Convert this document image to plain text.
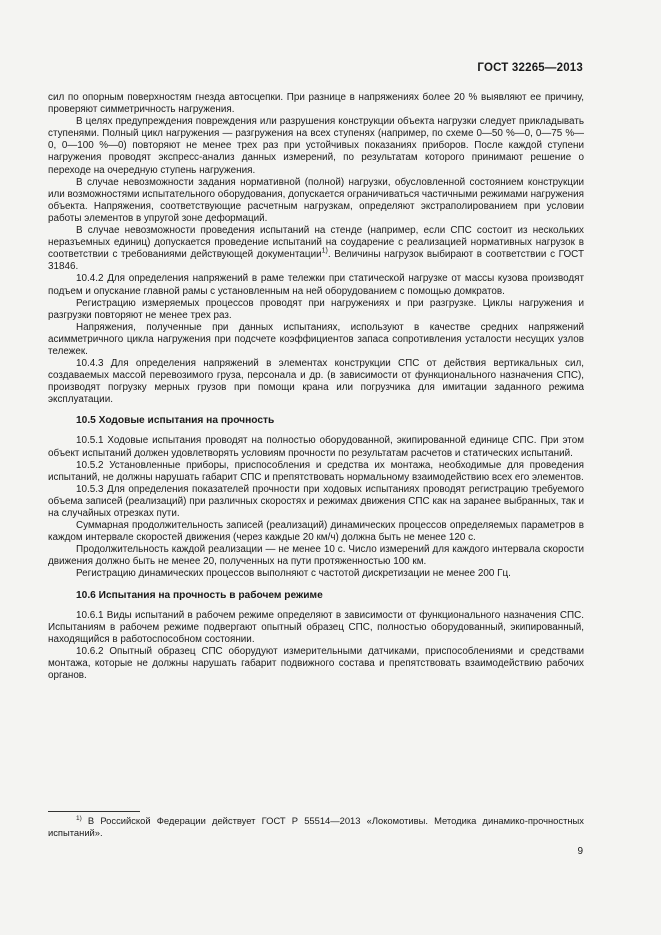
ГОСТ 32265—2013

сил по опорным поверхностям гнезда автосцепки. При разнице в напряжениях более 20 % выявляют ее причину, проверяют симметричность нагружения.

В целях предупреждения повреждения или разрушения конструкции объекта нагрузки следует прикладывать ступенями. Полный цикл нагружения — разгружения на всех ступенях (например, по схеме 0—50 %—0, 0—75 %—0, 0—100 %—0) повторяют не менее трех раз при устойчивых показаниях приборов. После каждой ступени нагружения проводят экспресс-анализ данных измерений, по результатам которого принимают решение о переходе на очередную ступень нагружения.

В случае невозможности задания нормативной (полной) нагрузки, обусловленной состоянием конструкции или возможностями испытательного оборудования, допускается ограничиваться частичными режимами нагружения объекта. Напряжения, соответствующие расчетным нагрузкам, определяют экстраполированием при условии работы элементов в упругой зоне деформаций.

В случае невозможности проведения испытаний на стенде (например, если СПС состоит из нескольких неразъемных единиц) допускается проведение испытаний на соударение с реализацией нормативных нагрузок в соответствии с требованиями действующей документации$^{1)}$. Величины нагрузок выбирают в соответствии с ГОСТ 31846.

10.4.2 Для определения напряжений в раме тележки при статической нагрузке от массы кузова производят подъем и опускание главной рамы с установленным на ней оборудованием с помощью домкратов.

Регистрацию измеряемых процессов проводят при нагружениях и при разгрузке. Циклы нагружения и разгрузки повторяют не менее трех раз.

Напряжения, полученные при данных испытаниях, используют в качестве средних напряжений асимметричного цикла нагружения при подсчете коэффициентов запаса сопротивления усталости несущих узлов тележек.

10.4.3 Для определения напряжений в элементах конструкции СПС от действия вертикальных сил, создаваемых массой перевозимого груза, персонала и др. (в зависимости от функционального назначения СПС), производят погрузку мерных грузов при помощи крана или погрузчика для имитации заданного режима эксплуатации.

10.5 Ходовые испытания на прочность

10.5.1 Ходовые испытания проводят на полностью оборудованной, экипированной единице СПС. При этом объект испытаний должен удовлетворять условиям прочности по результатам расчетов и статических испытаний.

10.5.2 Установленные приборы, приспособления и средства их монтажа, необходимые для проведения испытаний, не должны нарушать габарит СПС и препятствовать нормальному взаимодействию всех его элементов.

10.5.3 Для определения показателей прочности при ходовых испытаниях проводят регистрацию требуемого объема записей (реализаций) при различных скоростях и режимах движения СПС как на заранее выбранных, так и на случайных отрезках пути.

Суммарная продолжительность записей (реализаций) динамических процессов определяемых параметров в каждом интервале скоростей движения (через каждые 20 км/ч) должна быть не менее 120 с.

Продолжительность каждой реализации — не менее 10 с. Число измерений для каждого интервала скорости движения должно быть не менее 20, полученных на пути протяженностью 100 км.

Регистрацию динамических процессов выполняют с частотой дискретизации не менее 200 Гц.

10.6 Испытания на прочность в рабочем режиме

10.6.1 Виды испытаний в рабочем режиме определяют в зависимости от функционального назначения СПС. Испытаниям в рабочем режиме подвергают опытный образец СПС, полностью оборудованный, экипированный, находящийся в работоспособном состоянии.

10.6.2 Опытный образец СПС оборудуют измерительными датчиками, приспособлениями и средствами монтажа, которые не должны нарушать габарит подвижного состава и препятствовать взаимодействию рабочих органов.

$^{1)}$ В Российской Федерации действует ГОСТ Р 55514—2013 «Локомотивы. Методика динамико-прочностных испытаний».

9
